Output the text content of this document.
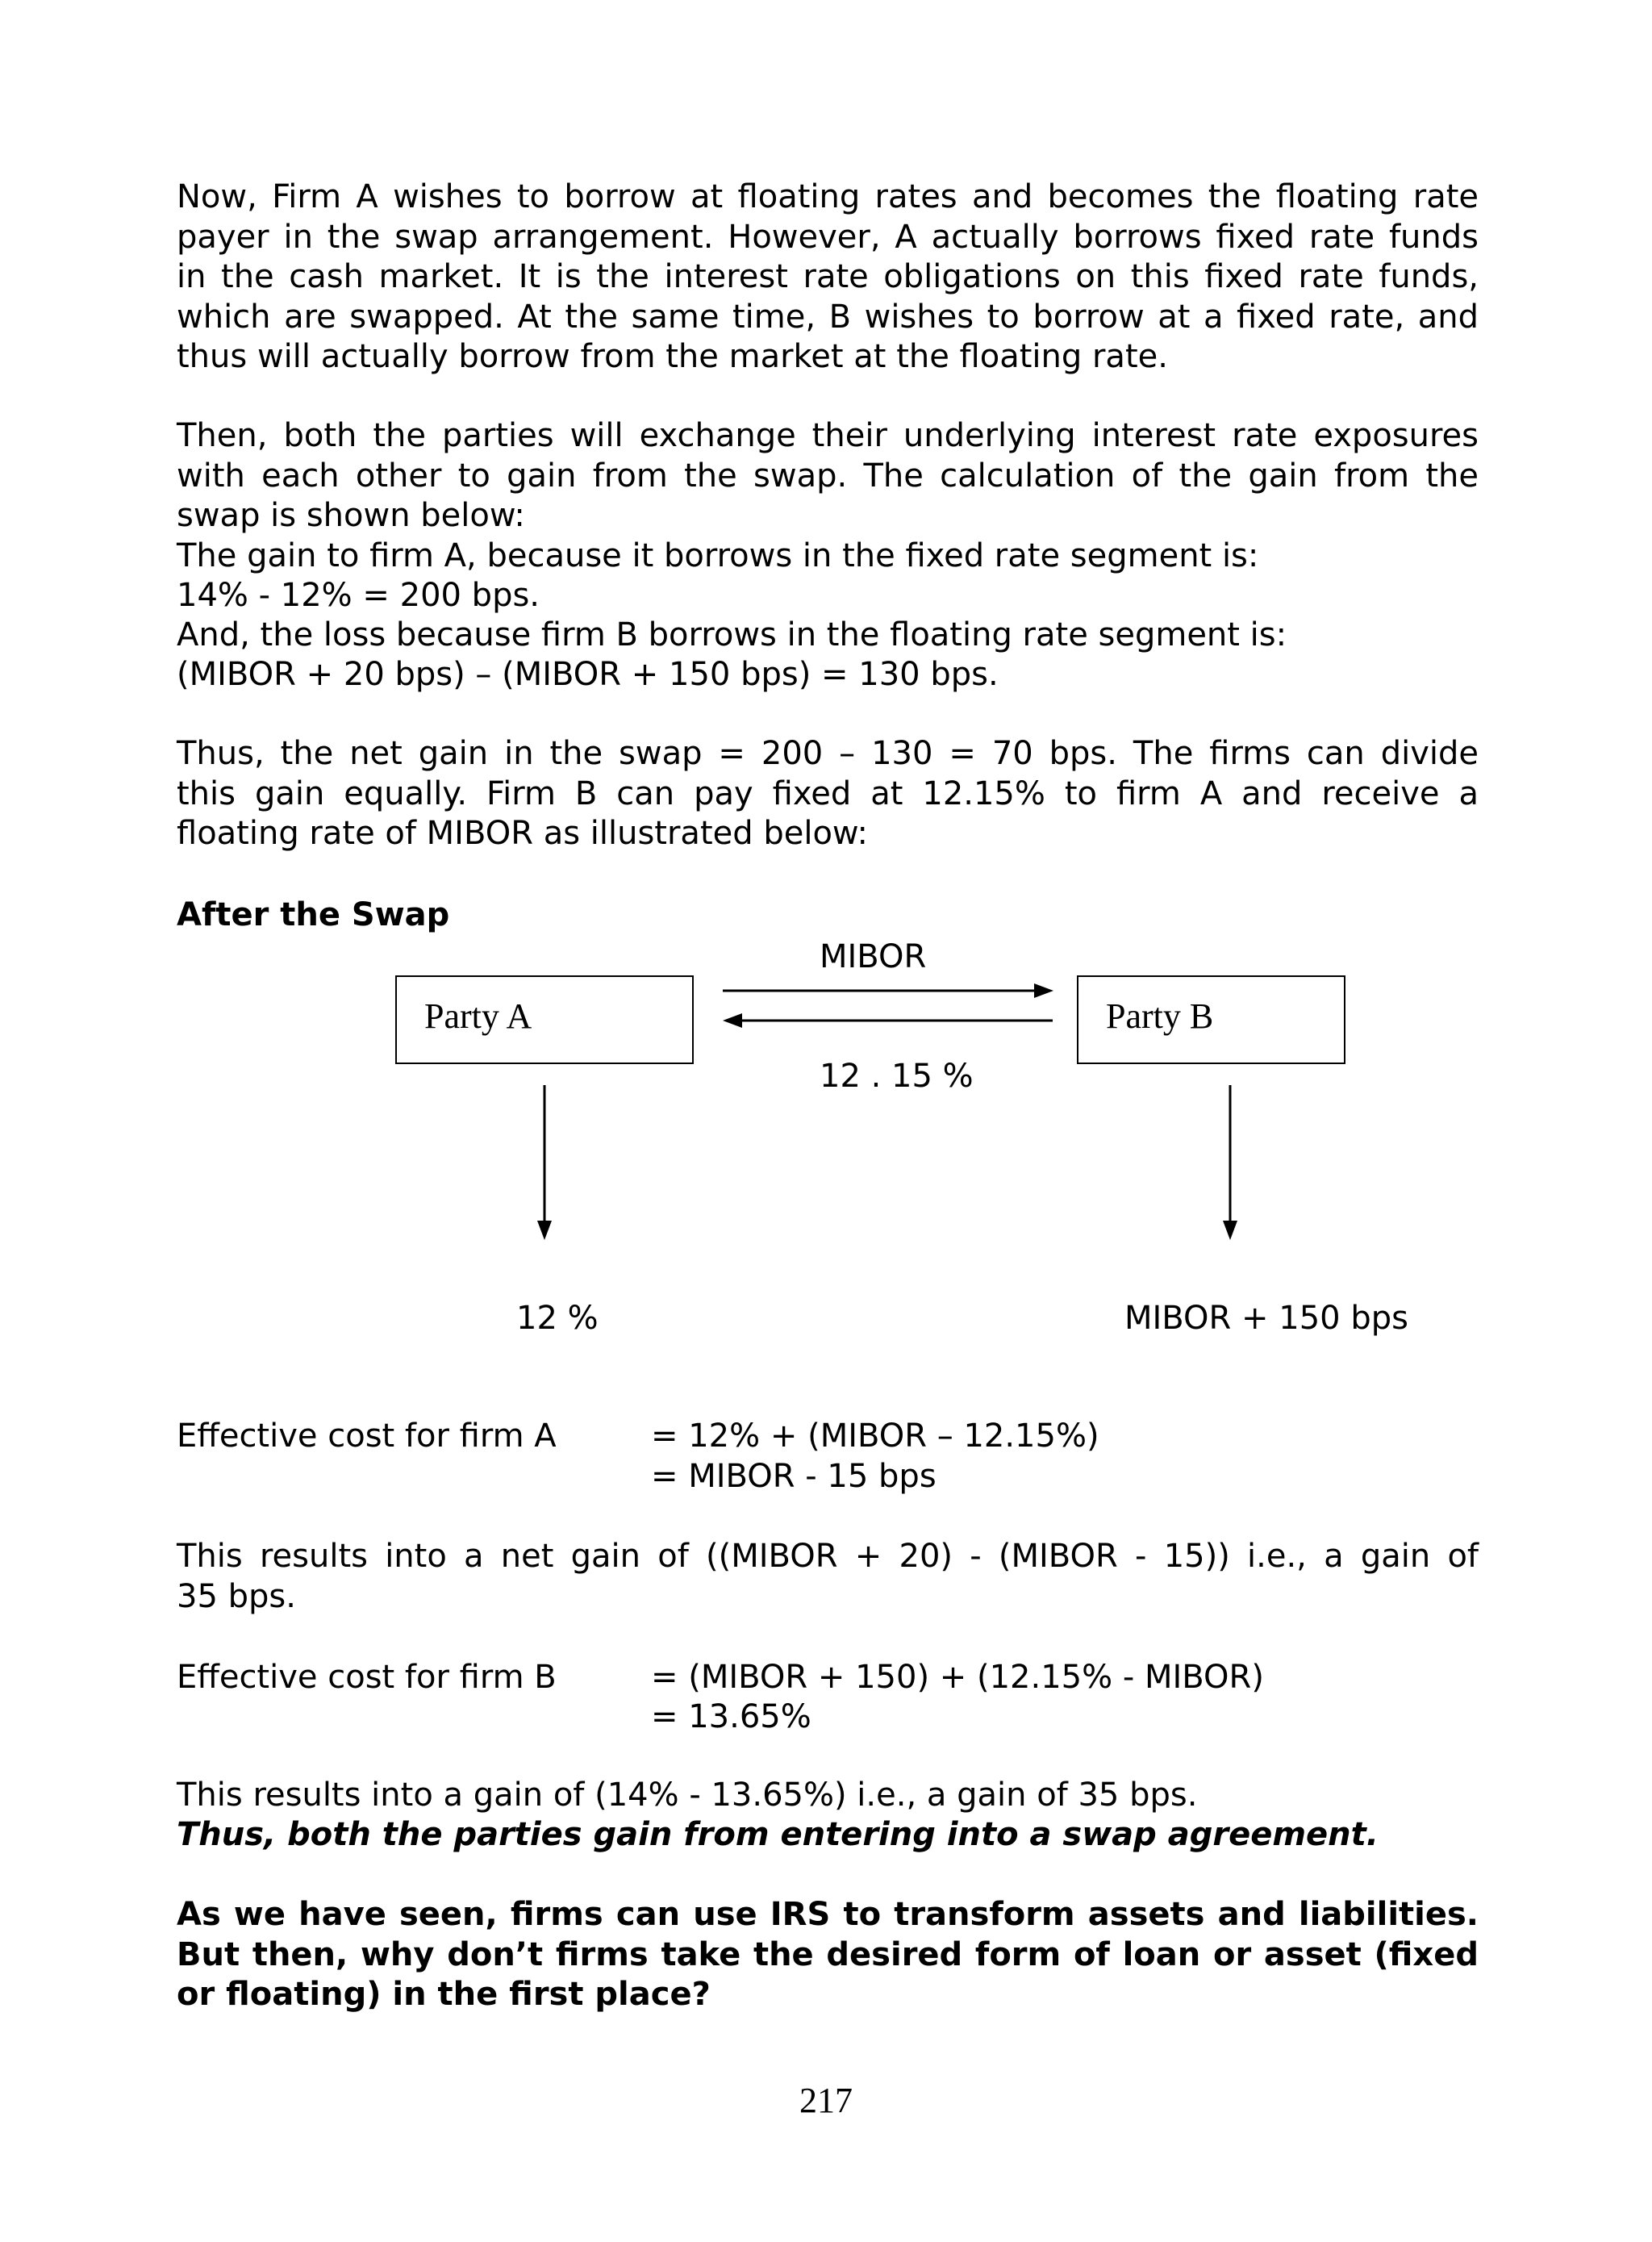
Now, Firm A wishes to borrow at floating rates and becomes the floating rate
payer in the swap arrangement. However, A actually borrows fixed rate funds
in the cash market. It is the interest rate obligations on this fixed rate funds,
which are swapped. At the same time, B wishes to borrow at a fixed rate, and
thus will actually borrow from the market at the floating rate.
Then, both the parties will exchange their underlying interest rate exposures
with each other to gain from the swap. The calculation of the gain from the
swap is shown below:

The gain to firm A, because it borrows in the fixed rate segment is:

14% - 12% = 200 bps.

And, the loss because firm B borrows in the floating rate segment is:

(MIBOR + 20 bps) – (MIBOR + 150 bps) = 130 bps.

Thus, the net gain in the swap = 200 – 130 = 70 bps. The firms can divide
this gain equally. Firm B can pay fixed at 12.15% to firm A and receive a
floating rate of MIBOR as illustrated below:

After the Swap

Party A	Party B
MIBOR
12 . 15 %
12 %	MIBOR + 150 bps
Effective cost for firm A	= 12% + (MIBOR – 12.15%)
= MIBOR - 15 bps
This results into a net gain of ((MIBOR + 20) - (MIBOR - 15)) i.e., a gain of
35 bps.
Effective cost for firm B	= (MIBOR + 150) + (12.15% - MIBOR)
= 13.65%

This results into a gain of (14% - 13.65%) i.e., a gain of 35 bps.

Thus, both the parties gain from entering into a swap agreement.

As we have seen, firms can use IRS to transform assets and liabilities.
But then, why don’t firms take the desired form of loan or asset (fixed
or floating) in the first place?
217
